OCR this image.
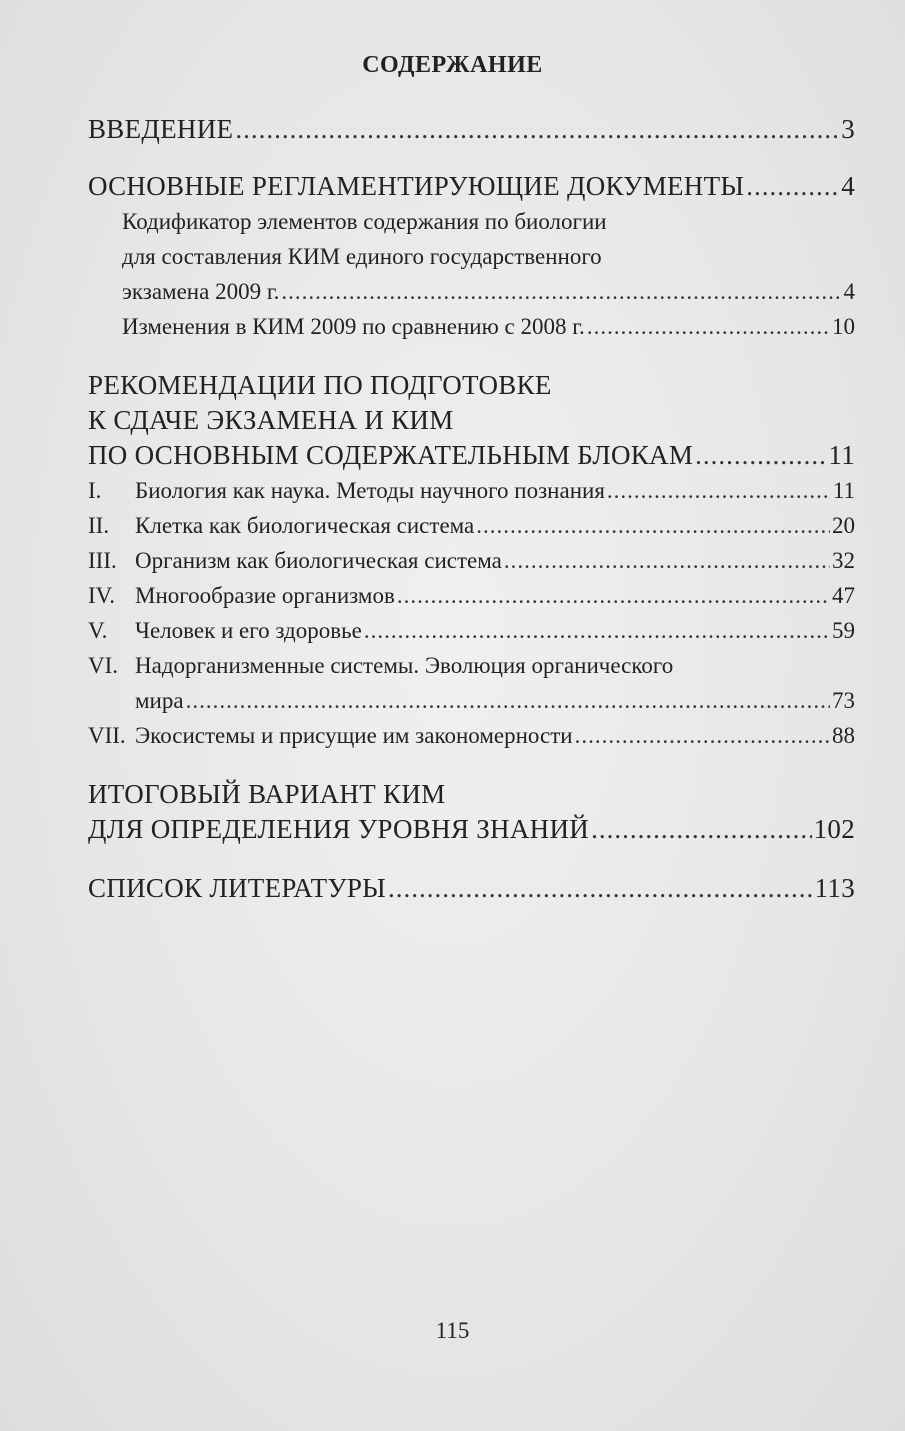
СОДЕРЖАНИЕ
ВВЕДЕНИЕ .....	3
ОСНОВНЫЕ РЕГЛАМЕНТИРУЮЩИЕ ДОКУМЕНТЫ .....	4
Кодификатор элементов содержания по биологии
для составления КИМ единого государственного
экзамена 2009 г. .....	4
Изменения в КИМ 2009 по сравнению с 2008 г. .....	10
РЕКОМЕНДАЦИИ ПО ПОДГОТОВКЕ
К СДАЧЕ ЭКЗАМЕНА И КИМ
ПО ОСНОВНЫМ СОДЕРЖАТЕЛЬНЫМ БЛОКАМ .....	11
I.	Биология как наука. Методы научного познания .....	11
II.	Клетка как биологическая система .....	20
III. Организм как биологическая система .....	32
IV. Многообразие организмов .....	47
V.	Человек и его здоровье .....	59
VI. Надорганизменные системы. Эволюция органического
мира .....	73
VII. Экосистемы и присущие им закономерности .....	88
ИТОГОВЫЙ ВАРИАНТ КИМ
ДЛЯ ОПРЕДЕЛЕНИЯ УРОВНЯ ЗНАНИЙ .....	102
СПИСОК ЛИТЕРАТУРЫ .....	113
115
